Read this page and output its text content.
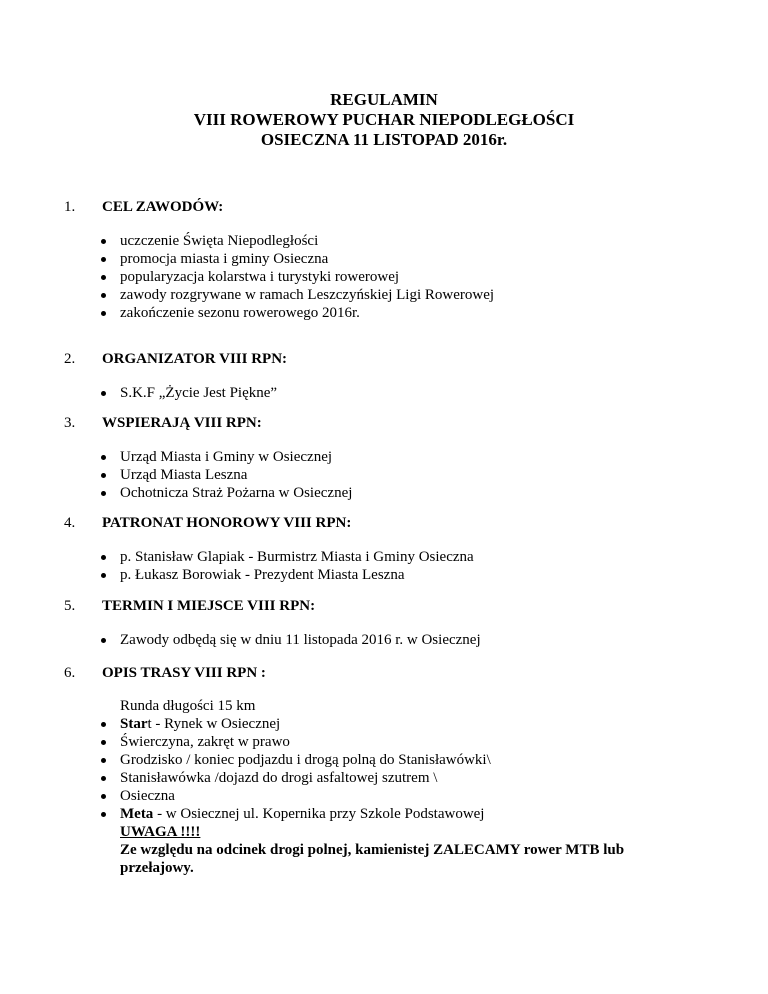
REGULAMIN
VIII ROWEROWY PUCHAR NIEPODLEGŁOŚCI
OSIECZNA 11 LISTOPAD 2016r.
1. CEL ZAWODÓW:
uczczenie Święta Niepodległości
promocja miasta i gminy Osieczna
popularyzacja kolarstwa i turystyki rowerowej
zawody rozgrywane w ramach Leszczyńskiej Ligi Rowerowej
zakończenie sezonu rowerowego 2016r.
2. ORGANIZATOR VIII RPN:
S.K.F „Życie Jest Piękne”
3. WSPIERAJĄ VIII RPN:
Urząd Miasta i Gminy w Osiecznej
Urząd Miasta Leszna
Ochotnicza Straż Pożarna w Osiecznej
4. PATRONAT HONOROWY VIII RPN:
p. Stanisław Glapiak - Burmistrz Miasta i Gminy Osieczna
p. Łukasz Borowiak - Prezydent Miasta Leszna
5. TERMIN I MIEJSCE VIII RPN:
Zawody odbędą się w dniu 11 listopada 2016 r. w Osiecznej
6. OPIS TRASY VIII RPN :
Runda długości 15 km
Start - Rynek w Osiecznej
Świerczyna, zakręt w prawo
Grodzisko / koniec podjazdu i drogą polną do Stanisławówki\
Stanisławówka /dojazd do drogi asfaltowej szutrem \
Osieczna
Meta - w Osiecznej ul. Kopernika przy Szkole Podstawowej
UWAGA !!!!
Ze względu na odcinek drogi polnej, kamienistej ZALECAMY rower MTB lub przełajowy.
